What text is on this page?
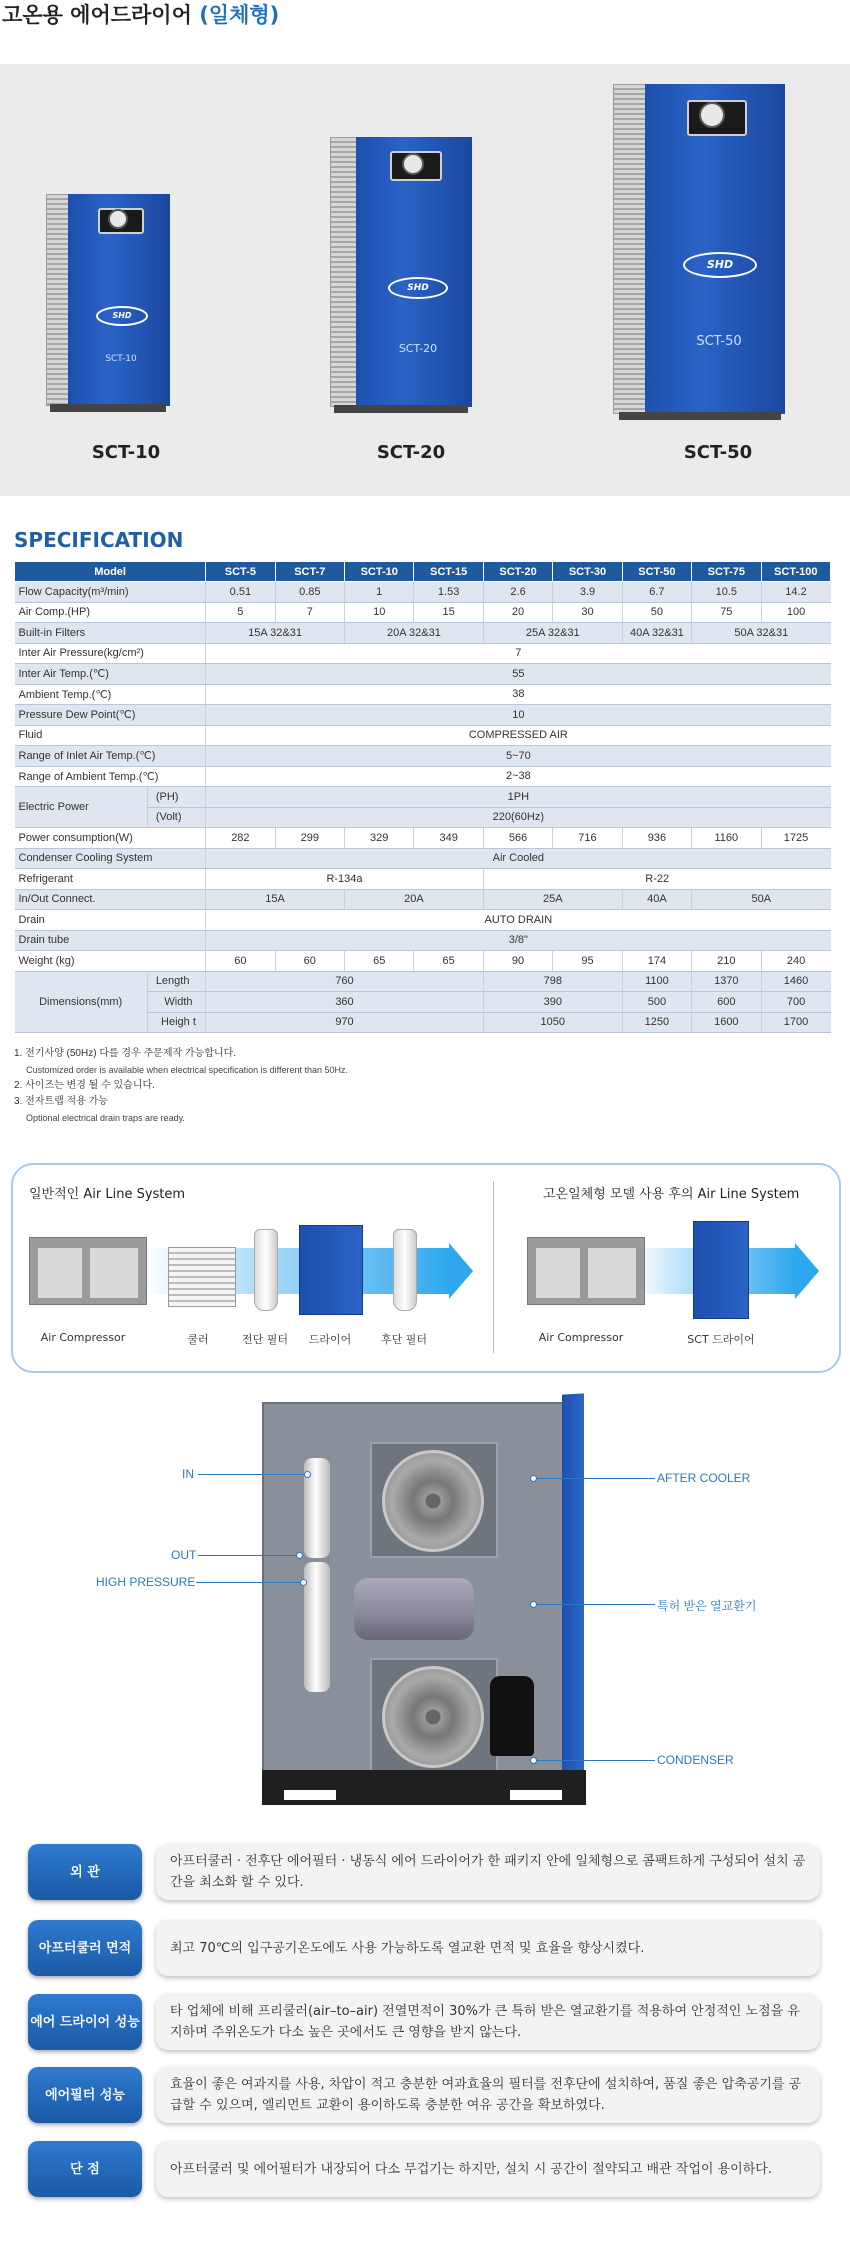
고온용 에어드라이어 (일체형)
SHD
SCT-10
SCT-10
SHD
SCT-20
SCT-20
SHD
SCT-50
SCT-50
SPECIFICATION
Model		SCT-5	SCT-7	SCT-10	SCT-15	SCT-20	SCT-30	SCT-50	SCT-75	SCT-100
Flow Capacity(m³/min)		0.51	0.85	1	1.53	2.6	3.9	6.7	10.5	14.2
Air Comp.(HP)		5	7	10	15	20	30	50	75	100
Built-in Filters		15A 32&31		20A 32&31		25A 32&31		40A 32&31	50A 32&31	
Inter Air Pressure(kg/cm²)		7								
Inter Air Temp.(℃)		55								
Ambient Temp.(℃)		38								
Pressure Dew Point(℃)		10								
Fluid		COMPRESSED AIR								
Range of Inlet Air Temp.(℃)		5~70								
Range of Ambient Temp.(℃)		2~38								
Electric Power	(PH)	1PH								
	(Volt)	220(60Hz)								
Power consumption(W)		282	299	329	349	566	716	936	1160	1725
Condenser Cooling System		Air Cooled								
Refrigerant		R-134a				R-22				
In/Out Connect.		15A		20A		25A		40A	50A	
Drain		AUTO DRAIN								
Drain tube		3/8"								
Weight (kg)		60	60	65	65	90	95	174	210	240
Dimensions(mm)	Length	760				798		1100	1370	1460
	Width	360				390		500	600	700
	Heigh t	970				1050		1250	1600	1700
1. 전기사양 (50Hz) 다를 경우 주문제작 가능합니다.
Customized order is available when electrical specification is different than 50Hz.
2. 사이즈는 변경 될 수 있습니다.
3. 전자트랩 적용 가능
Optional electrical drain traps are ready.
일반적인 Air Line System	고온일체형 모델 사용 후의 Air Line System
Air Compressor	쿨러	전단 필터	드라이어	후단 필터	Air Compressor	SCT 드라이어
IN
OUT
HIGH PRESSURE
AFTER COOLER
특허 받은 열교환기
CONDENSER
외 관
아프터쿨러 · 전후단 에어필터 · 냉동식 에어 드라이어가 한 패키지 안에 일체형으로 콤팩트하게 구성되어 설치 공간을 최소화 할 수 있다.
아프터쿨러 면적	최고 70℃의 입구공기온도에도 사용 가능하도록 열교환 면적 및 효율을 향상시켰다.
에어 드라이어 성능
타 업체에 비해 프리쿨러(air–to–air) 전열면적이 30%가 큰 특허 받은 열교환기를 적용하여 안정적인 노점을 유지하며 주위온도가 다소 높은 곳에서도 큰 영향을 받지 않는다.
에어필터 성능
효율이 좋은 여과지를 사용, 차압이 적고 충분한 여과효율의 필터를 전후단에 설치하여, 품질 좋은 압축공기를 공급할 수 있으며, 엘리먼트 교환이 용이하도록 충분한 여유 공간을 확보하였다.
단 점	아프터쿨러 및 에어필터가 내장되어 다소 무겁기는 하지만, 설치 시 공간이 절약되고 배관 작업이 용이하다.
